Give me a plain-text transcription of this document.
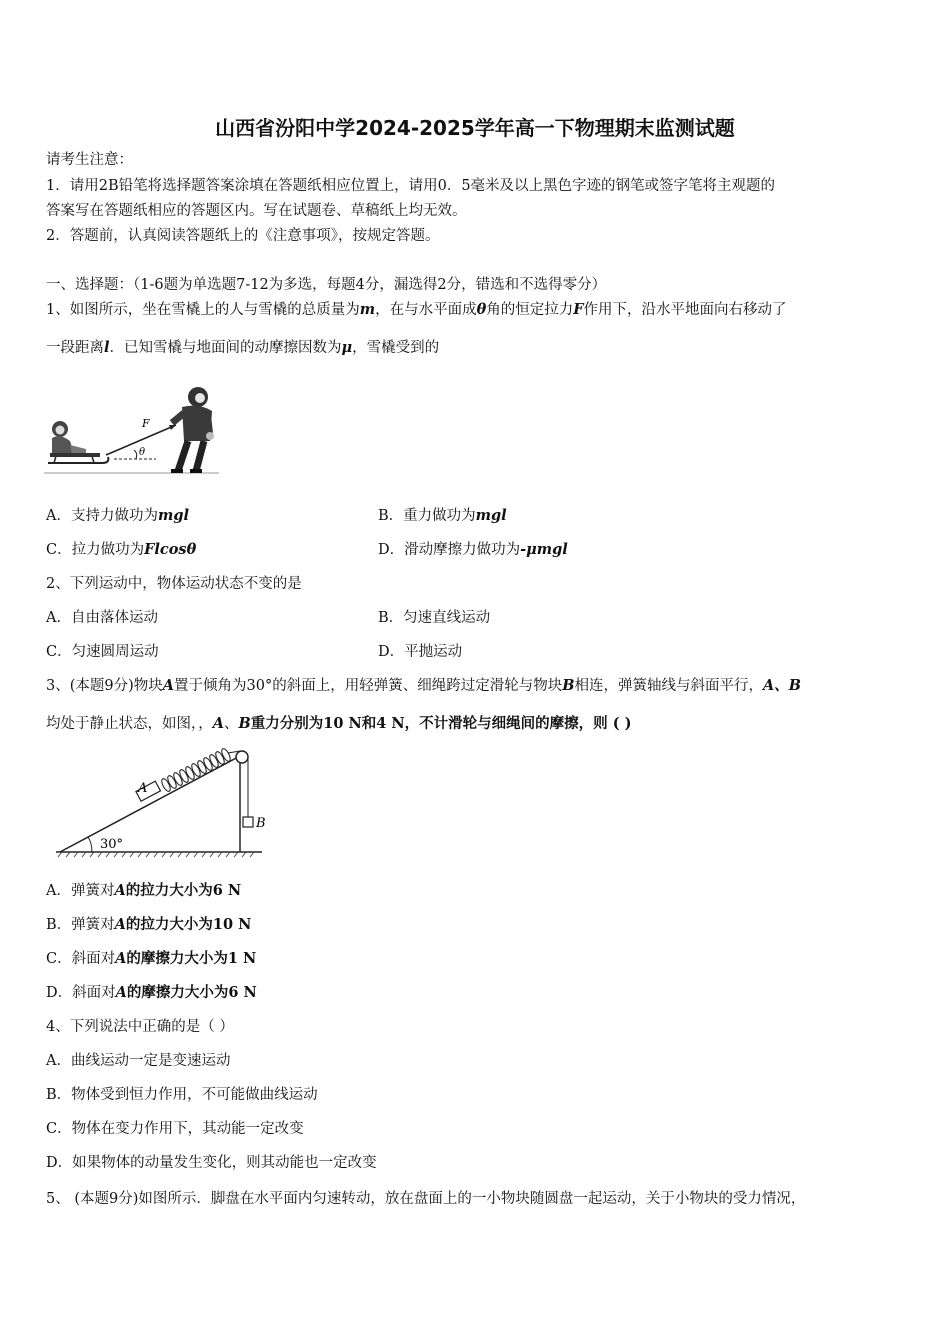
山西省汾阳中学2024-2025学年高一下物理期末监测试题
请考生注意：
1．请用2B铅笔将选择题答案涂填在答题纸相应位置上，请用0．5毫米及以上黑色字迹的钢笔或签字笔将主观题的
答案写在答题纸相应的答题区内。写在试题卷、草稿纸上均无效。
2．答题前，认真阅读答题纸上的《注意事项》，按规定答题。
一、选择题：（1-6题为单选题7-12为多选，每题4分，漏选得2分，错选和不选得零分）
1、如图所示，坐在雪橇上的人与雪橇的总质量为m，在与水平面成θ角的恒定拉力F作用下，沿水平地面向右移动了
一段距离l．已知雪橇与地面间的动摩擦因数为μ，雪橇受到的
θ
F
A．支持力做功为mgl	B．重力做功为mgl
C．拉力做功为Flcosθ	D．滑动摩擦力做功为-μmgl
2、下列运动中，物体运动状态不变的是
A．自由落体运动	B．匀速直线运动
C．匀速圆周运动	D．平抛运动
3、(本题9分)物块A置于倾角为30°的斜面上，用轻弹簧、细绳跨过定滑轮与物块B相连，弹簧轴线与斜面平行，A、B
均处于静止状态，如图，，A、B重力分别为10 N和4 N，不计滑轮与细绳间的摩擦，则 ( )
30°
A
B
A．弹簧对A的拉力大小为6 N
B．弹簧对A的拉力大小为10 N
C．斜面对A的摩擦力大小为1 N
D．斜面对A的摩擦力大小为6 N
4、下列说法中正确的是（ ）
A．曲线运动一定是变速运动
B．物体受到恒力作用，不可能做曲线运动
C．物体在变力作用下，其动能一定改变
D．如果物体的动量发生变化，则其动能也一定改变
5、 (本题9分)如图所示．脚盘在水平面内匀速转动，放在盘面上的一小物块随圆盘一起运动，关于小物块的受力情况，
